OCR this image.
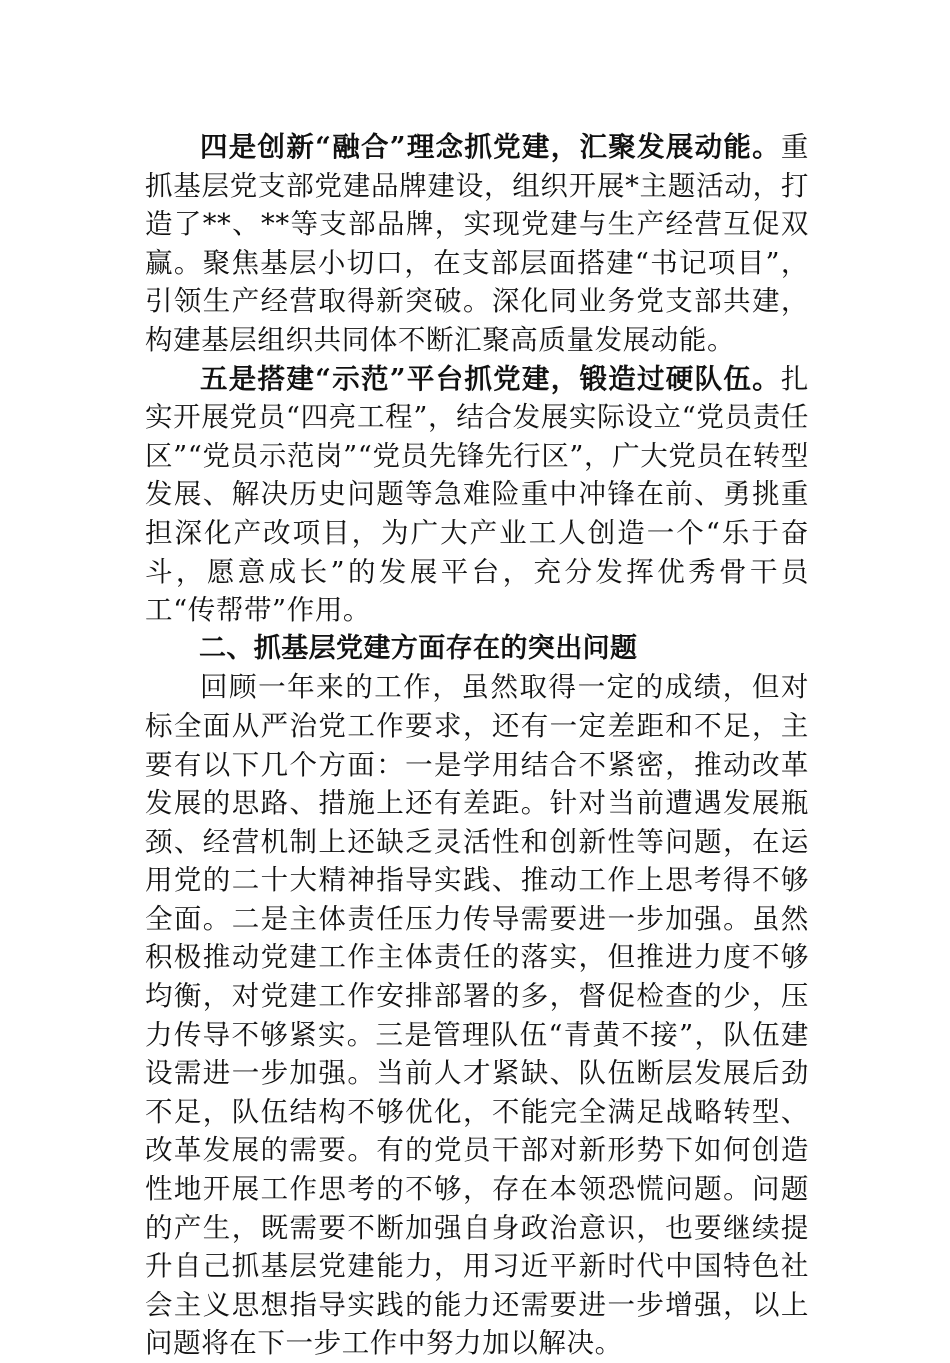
四是创新“融合”理念抓党建，汇聚发展动能。重抓基层党支部党建品牌建设，组织开展*主题活动，打造了**、**等支部品牌，实现党建与生产经营互促双赢。聚焦基层小切口，在支部层面搭建“书记项目”，引领生产经营取得新突破。深化同业务党支部共建，构建基层组织共同体不断汇聚高质量发展动能。

五是搭建“示范”平台抓党建，锻造过硬队伍。扎实开展党员“四亮工程”，结合发展实际设立“党员责任区”“党员示范岗”“党员先锋先行区”，广大党员在转型发展、解决历史问题等急难险重中冲锋在前、勇挑重担深化产改项目，为广大产业工人创造一个“乐于奋斗，愿意成长”的发展平台，充分发挥优秀骨干员工“传帮带”作用。

二、抓基层党建方面存在的突出问题

回顾一年来的工作，虽然取得一定的成绩，但对标全面从严治党工作要求，还有一定差距和不足，主要有以下几个方面：一是学用结合不紧密，推动改革发展的思路、措施上还有差距。针对当前遭遇发展瓶颈、经营机制上还缺乏灵活性和创新性等问题，在运用党的二十大精神指导实践、推动工作上思考得不够全面。二是主体责任压力传导需要进一步加强。虽然积极推动党建工作主体责任的落实，但推进力度不够均衡，对党建工作安排部署的多，督促检查的少，压力传导不够紧实。三是管理队伍“青黄不接”，队伍建设需进一步加强。当前人才紧缺、队伍断层发展后劲不足，队伍结构不够优化，不能完全满足战略转型、改革发展的需要。有的党员干部对新形势下如何创造性地开展工作思考的不够，存在本领恐慌问题。问题的产生，既需要不断加强自身政治意识，也要继续提升自己抓基层党建能力，用习近平新时代中国特色社会主义思想指导实践的能力还需要进一步增强，以上问题将在下一步工作中努力加以解决。
